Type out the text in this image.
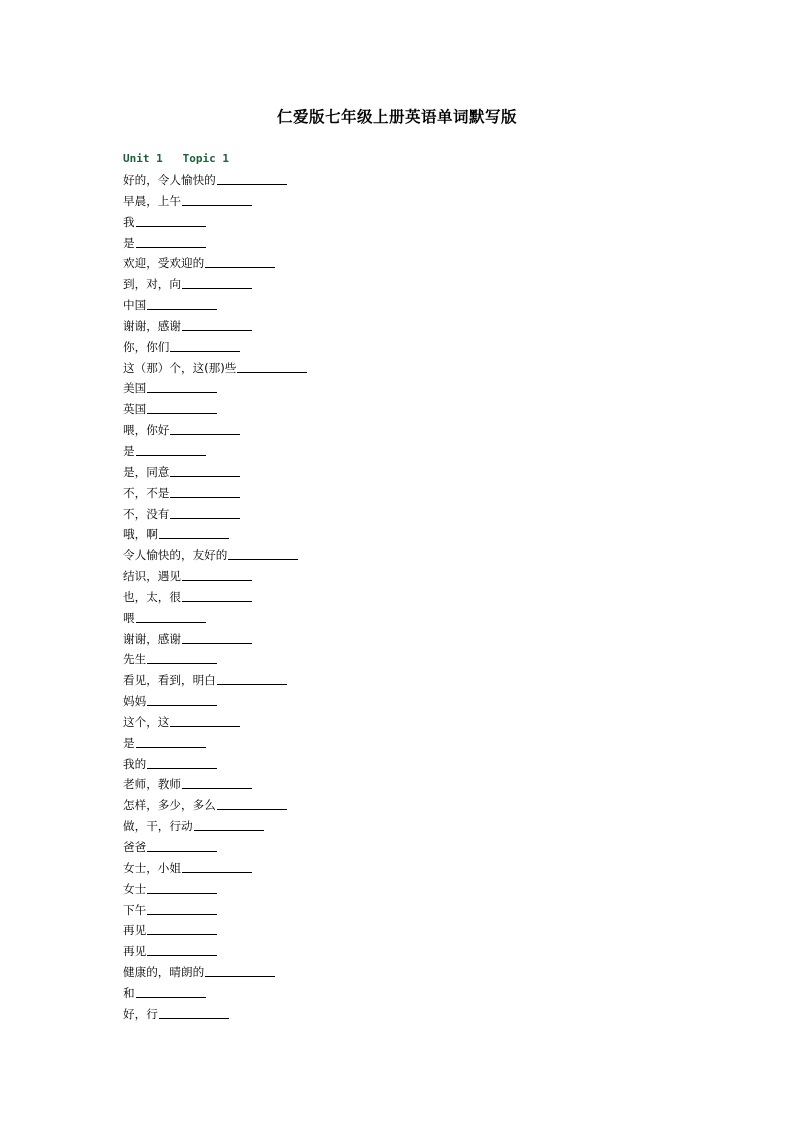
仁爱版七年级上册英语单词默写版
Unit 1   Topic 1
好的，令人愉快的
早晨，上午
我
是
欢迎，受欢迎的
到，对，向
中国
谢谢，感谢
你，你们
这（那）个，这(那)些
美国
英国
喂，你好
是
是，同意
不，不是
不，没有
哦，啊
令人愉快的，友好的
结识，遇见
也，太，很
喂
谢谢，感谢
先生
看见，看到，明白
妈妈
这个，这
是
我的
老师，教师
怎样，多少，多么
做，干，行动
爸爸
女士，小姐
女士
下午
再见
再见
健康的，晴朗的
和
好，行
